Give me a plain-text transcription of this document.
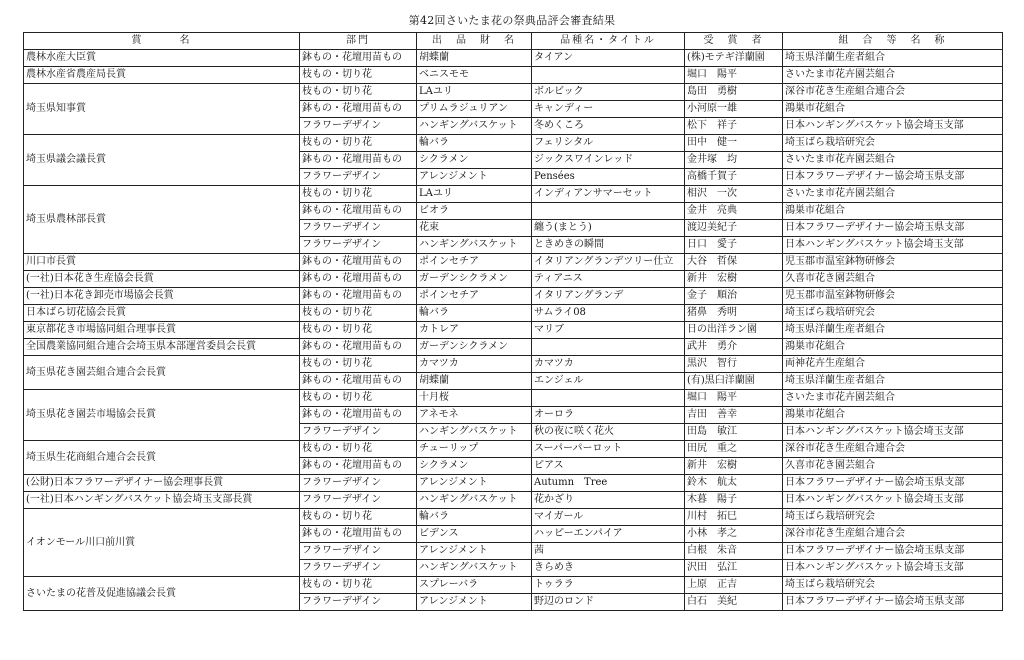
第42回さいたま花の祭典品評会審査結果
賞　　　名	部門	出　品　財　名	品種名・タイトル	受　賞　者	組　合　等　名　称
農林水産大臣賞	鉢もの・花壇用苗もの	胡蝶蘭	タイアン	(株)モテギ洋蘭園	埼玉県洋蘭生産者組合
農林水産省農産局長賞	枝もの・切り花	ベニスモモ		堀口　陽平	さいたま市花卉園芸組合
埼玉県知事賞	枝もの・切り花	LAユリ	ボルビック	島田　勇樹	深谷市花き生産組合連合会
	鉢もの・花壇用苗もの	プリムラジュリアン	キャンディー	小河原一雄	鴻巣市花組合
	フラワーデザイン	ハンギングバスケット	冬めくころ	松下　祥子	日本ハンギングバスケット協会埼玉支部
埼玉県議会議長賞	枝もの・切り花	輪バラ	フェリシタル	田中　健一	埼玉ばら栽培研究会
	鉢もの・花壇用苗もの	シクラメン	ジックスワインレッド	金井塚　均	さいたま市花卉園芸組合
	フラワーデザイン	アレンジメント	Pensées	高橋千賀子	日本フラワーデザイナー協会埼玉県支部
埼玉県農林部長賞	枝もの・切り花	LAユリ	インディアンサマーセット	相沢　一次	さいたま市花卉園芸組合
	鉢もの・花壇用苗もの	ビオラ		金井　亮典	鴻巣市花組合
	フラワーデザイン	花束	纏う(まとう)	渡辺美紀子	日本フラワーデザイナー協会埼玉県支部
	フラワーデザイン	ハンギングバスケット	ときめきの瞬間	日口　愛子	日本ハンギングバスケット協会埼玉支部
川口市長賞	鉢もの・花壇用苗もの	ポインセチア	イタリアングランデツリー仕立	大谷　哲保	児玉郡市温室鉢物研修会
(一社)日本花き生産協会長賞	鉢もの・花壇用苗もの	ガーデンシクラメン	ティアニス	新井　宏樹	久喜市花き園芸組合
(一社)日本花き卸売市場協会長賞	鉢もの・花壇用苗もの	ポインセチア	イタリアングランデ	金子　順治	児玉郡市温室鉢物研修会
日本ばら切花協会長賞	枝もの・切り花	輪バラ	サムライ08	猪鼻　秀明	埼玉ばら栽培研究会
東京都花き市場協同組合理事長賞	枝もの・切り花	カトレア	マリブ	日の出洋ラン園	埼玉県洋蘭生産者組合
全国農業協同組合連合会埼玉県本部運営委員会長賞	鉢もの・花壇用苗もの	ガーデンシクラメン		武井　勇介	鴻巣市花組合
埼玉県花き園芸組合連合会長賞	枝もの・切り花	カマツカ	カマツカ	黒沢　智行	両神花卉生産組合
	鉢もの・花壇用苗もの	胡蝶蘭	エンジェル	(有)黒臼洋蘭園	埼玉県洋蘭生産者組合
埼玉県花き園芸市場協会長賞	枝もの・切り花	十月桜		堀口　陽平	さいたま市花卉園芸組合
	鉢もの・花壇用苗もの	アネモネ	オーロラ	吉田　善幸	鴻巣市花組合
	フラワーデザイン	ハンギングバスケット	秋の夜に咲く花火	田島　敏江	日本ハンギングバスケット協会埼玉支部
埼玉県生花商組合連合会長賞	枝もの・切り花	チューリップ	スーパーパーロット	田尻　重之	深谷市花き生産組合連合会
	鉢もの・花壇用苗もの	シクラメン	ピアス	新井　宏樹	久喜市花き園芸組合
(公財)日本フラワーデザイナー協会理事長賞	フラワーデザイン	アレンジメント	Autumn　Tree	鈴木　航太	日本フラワーデザイナー協会埼玉県支部
(一社)日本ハンギングバスケット協会埼玉支部長賞	フラワーデザイン	ハンギングバスケット	花かざり	木暮　陽子	日本ハンギングバスケット協会埼玉支部
イオンモール川口前川賞	枝もの・切り花	輪バラ	マイガール	川村　拓巳	埼玉ばら栽培研究会
	鉢もの・花壇用苗もの	ビデンス	ハッピーエンパイア	小林　孝之	深谷市花き生産組合連合会
	フラワーデザイン	アレンジメント	茜	白根　朱音	日本フラワーデザイナー協会埼玉県支部
	フラワーデザイン	ハンギングバスケット	きらめき	沢田　弘江	日本ハンギングバスケット協会埼玉支部
さいたまの花普及促進協議会長賞	枝もの・切り花	スプレーバラ	トゥララ	上原　正吉	埼玉ばら栽培研究会
	フラワーデザイン	アレンジメント	野辺のロンド	白石　美紀	日本フラワーデザイナー協会埼玉県支部
